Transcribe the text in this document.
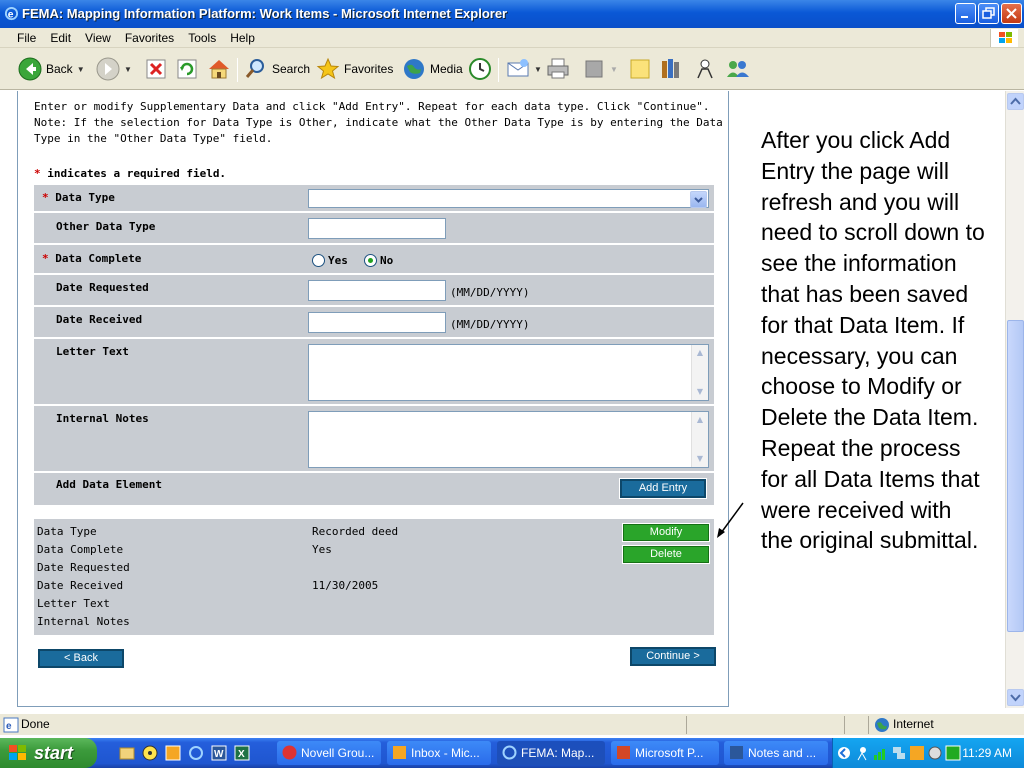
e FEMA: Mapping Information Platform: Work Items - Microsoft Internet Explorer
File Edit View Favorites Tools Help
Back ▼	▼	Search	Favorites	Media	▼	▼
Enter or modify Supplementary Data and click "Add Entry". Repeat for each data type. Click "Continue". Note: If the selection for Data Type is Other, indicate what the Other Data Type is by entering the Data Type in the "Other Data Type" field.
* indicates a required field.
* Data Type
Other Data Type
* Data Complete	Yes	No
Date Requested	(MM/DD/YYYY)
Date Received	(MM/DD/YYYY)
Letter Text	▲
▼
Internal Notes	▲
▼
Add Data Element	Add Entry
Data Type	Recorded deed
Data Complete	Yes
Date Requested
Date Received	11/30/2005
Letter Text
Internal Notes
Modify
Delete
< Back	Continue >
After you click Add Entry the page will refresh and you will need to scroll down to see the information that has been saved for that Data Item. If necessary, you can choose to Modify or Delete the Data Item. Repeat the process for all Data Items that were received with the original submittal.
e Done	Internet
start	W X	Novell Grou...	Inbox - Mic...	FEMA: Map...	Microsoft P...	Notes and ...	11:29 AM
